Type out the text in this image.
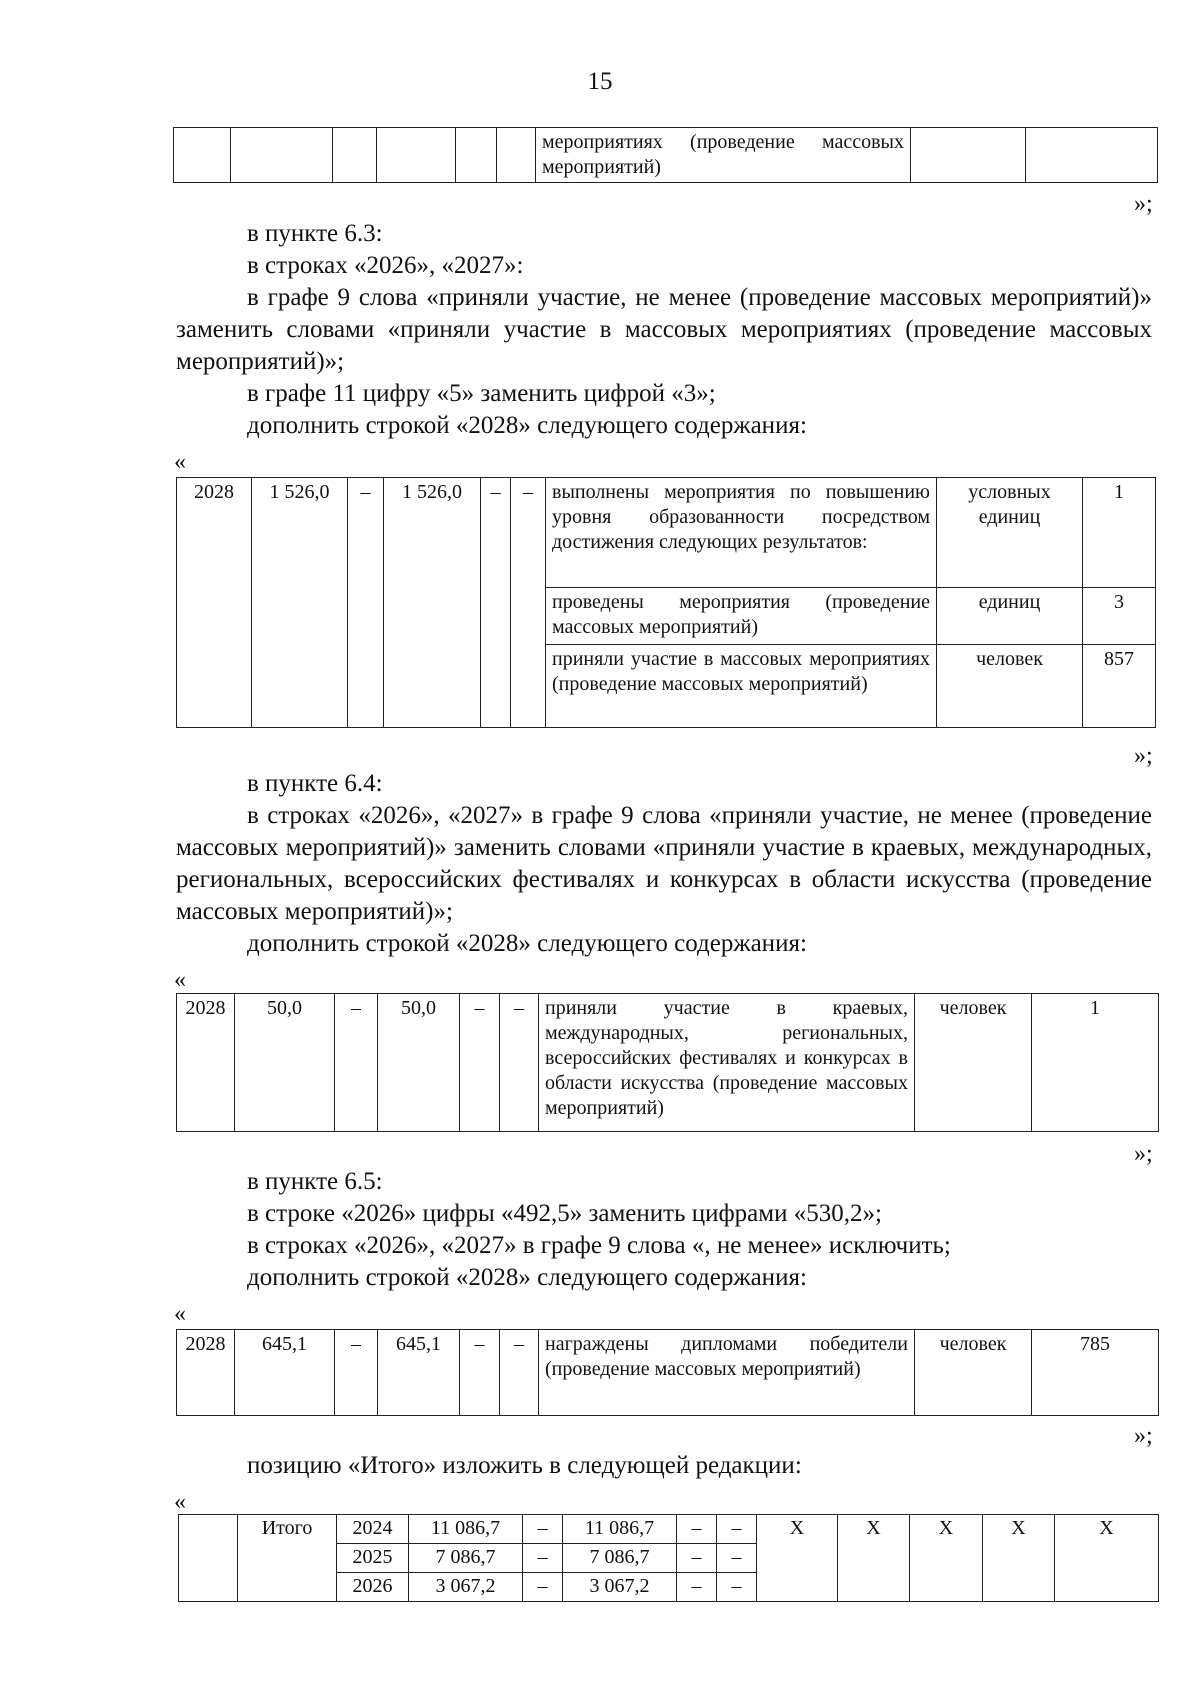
15
						мероприятиях (проведение массовых мероприятий)		
»;
в пункте 6.3:
в строках «2026», «2027»:
в графе 9 слова «приняли участие, не менее (проведение массовых мероприятий)» заменить словами «приняли участие в массовых мероприятиях (проведение массовых мероприятий)»;
в графе 11 цифру «5» заменить цифрой «3»;
дополнить строкой «2028» следующего содержания:
«
2028	1 526,0	–	1 526,0	–	–	выполнены мероприятия по повышению уровня образованности посредством достижения следующих результатов:	условных единиц	1
						проведены мероприятия (проведение массовых мероприятий)	единиц	3
						приняли участие в массовых мероприятиях (проведение массовых мероприятий)	человек	857
»;
в пункте 6.4:
в строках «2026», «2027» в графе 9 слова «приняли участие, не менее (проведение массовых мероприятий)» заменить словами «приняли участие в краевых, международных, региональных, всероссийских фестивалях и конкурсах в области искусства (проведение массовых мероприятий)»;
дополнить строкой «2028» следующего содержания:
«
2028	50,0	–	50,0	–	–	приняли участие в краевых, международных, региональных, всероссийских фестивалях и конкурсах в области искусства (проведение массовых мероприятий)	человек	1
»;
в пункте 6.5:
в строке «2026» цифры «492,5» заменить цифрами «530,2»;
в строках «2026», «2027» в графе 9 слова «, не менее» исключить;
дополнить строкой «2028» следующего содержания:
«
2028	645,1	–	645,1	–	–	награждены дипломами победители (проведение массовых мероприятий)	человек	785
»;
позицию «Итого» изложить в следующей редакции:
«
	Итого	2024	11 086,7	–	11 086,7	–	–	X	X	X	X	X
		2025	7 086,7	–	7 086,7	–	–					
		2026	3 067,2	–	3 067,2	–	–					
